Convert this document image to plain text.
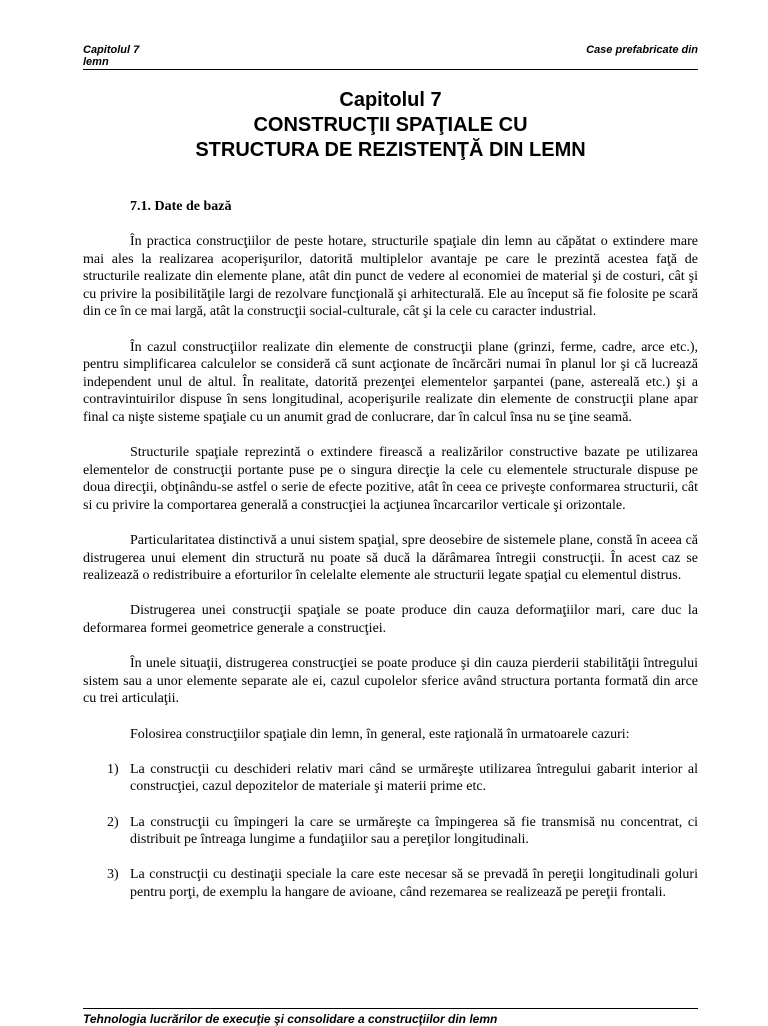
Capitolul 7 lemn
Case prefabricate din
Capitolul 7
CONSTRUCŢII SPAŢIALE CU
STRUCTURA DE REZISTENŢĂ DIN LEMN
7.1. Date de bază

În practica construcţiilor de peste hotare, structurile spaţiale din lemn au căpătat o extindere mare mai ales la realizarea acoperişurilor, datorită multiplelor avantaje pe care le prezintă acestea faţă de structurile realizate din elemente plane, atât din punct de vedere al economiei de material şi de costuri, cât şi cu privire la posibilităţile largi de rezolvare funcţională şi arhitecturală. Ele au început să fie folosite pe scară din ce în ce mai largă, atât la construcţii social-culturale, cât şi la cele cu caracter industrial.

În cazul construcţiilor realizate din elemente de construcţii plane (grinzi, ferme, cadre, arce etc.), pentru simplificarea calculelor se consideră că sunt acţionate de încărcări numai în planul lor şi că lucrează independent unul de altul. În realitate, datorită prezenţei elementelor şarpantei (pane, astereală etc.) şi a contravintuirilor dispuse în sens longitudinal, acoperişurile realizate din elemente de construcţii plane apar final ca nişte sisteme spaţiale cu un anumit grad de conlucrare, dar în calcul însa nu se ţine seamă.

Structurile spaţiale reprezintă o extindere firească a realizărilor constructive bazate pe utilizarea elementelor de construcţii portante puse pe o singura direcţie la cele cu elementele structurale dispuse pe doua direcţii, obţinându-se astfel o serie de efecte pozitive, atât în ceea ce priveşte conformarea structurii, cât si cu privire la comportarea generală a construcţiei la acţiunea încarcarilor verticale şi orizontale.

Particularitatea distinctivă a unui sistem spaţial, spre deosebire de sistemele plane, constă în aceea că distrugerea unui element din structură nu poate să ducă la dărâmarea întregii construcţii. În acest caz se realizează o redistribuire a eforturilor în celelalte elemente ale structurii legate spaţial cu elementul distrus.

Distrugerea unei construcţii spaţiale se poate produce din cauza deformaţiilor mari, care duc la deformarea formei geometrice generale a construcţiei.

În unele situaţii, distrugerea construcţiei se poate produce şi din cauza pierderii stabilităţii întregului sistem sau a unor elemente separate ale ei, cazul cupolelor sferice având structura portanta formată din arce cu trei articulaţii.

Folosirea construcţiilor spaţiale din lemn, în general, este raţională în urmatoarele cazuri:

1) La construcţii cu deschideri relativ mari când se urmăreşte utilizarea întregului gabarit interior al construcţiei, cazul depozitelor de materiale şi materii prime etc.
2) La construcţii cu împingeri la care se urmăreşte ca împingerea să fie transmisă nu concentrat, ci distribuit pe întreaga lungime a fundaţiilor sau a pereţilor longitudinali.
3) La construcţii cu destinaţii speciale la care este necesar să se prevadă în pereţii longitudinali goluri pentru porţi, de exemplu la hangare de avioane, când rezemarea se realizează pe pereţii frontali.
Tehnologia lucrărilor de execuţie şi consolidare a construcţiilor din lemn
